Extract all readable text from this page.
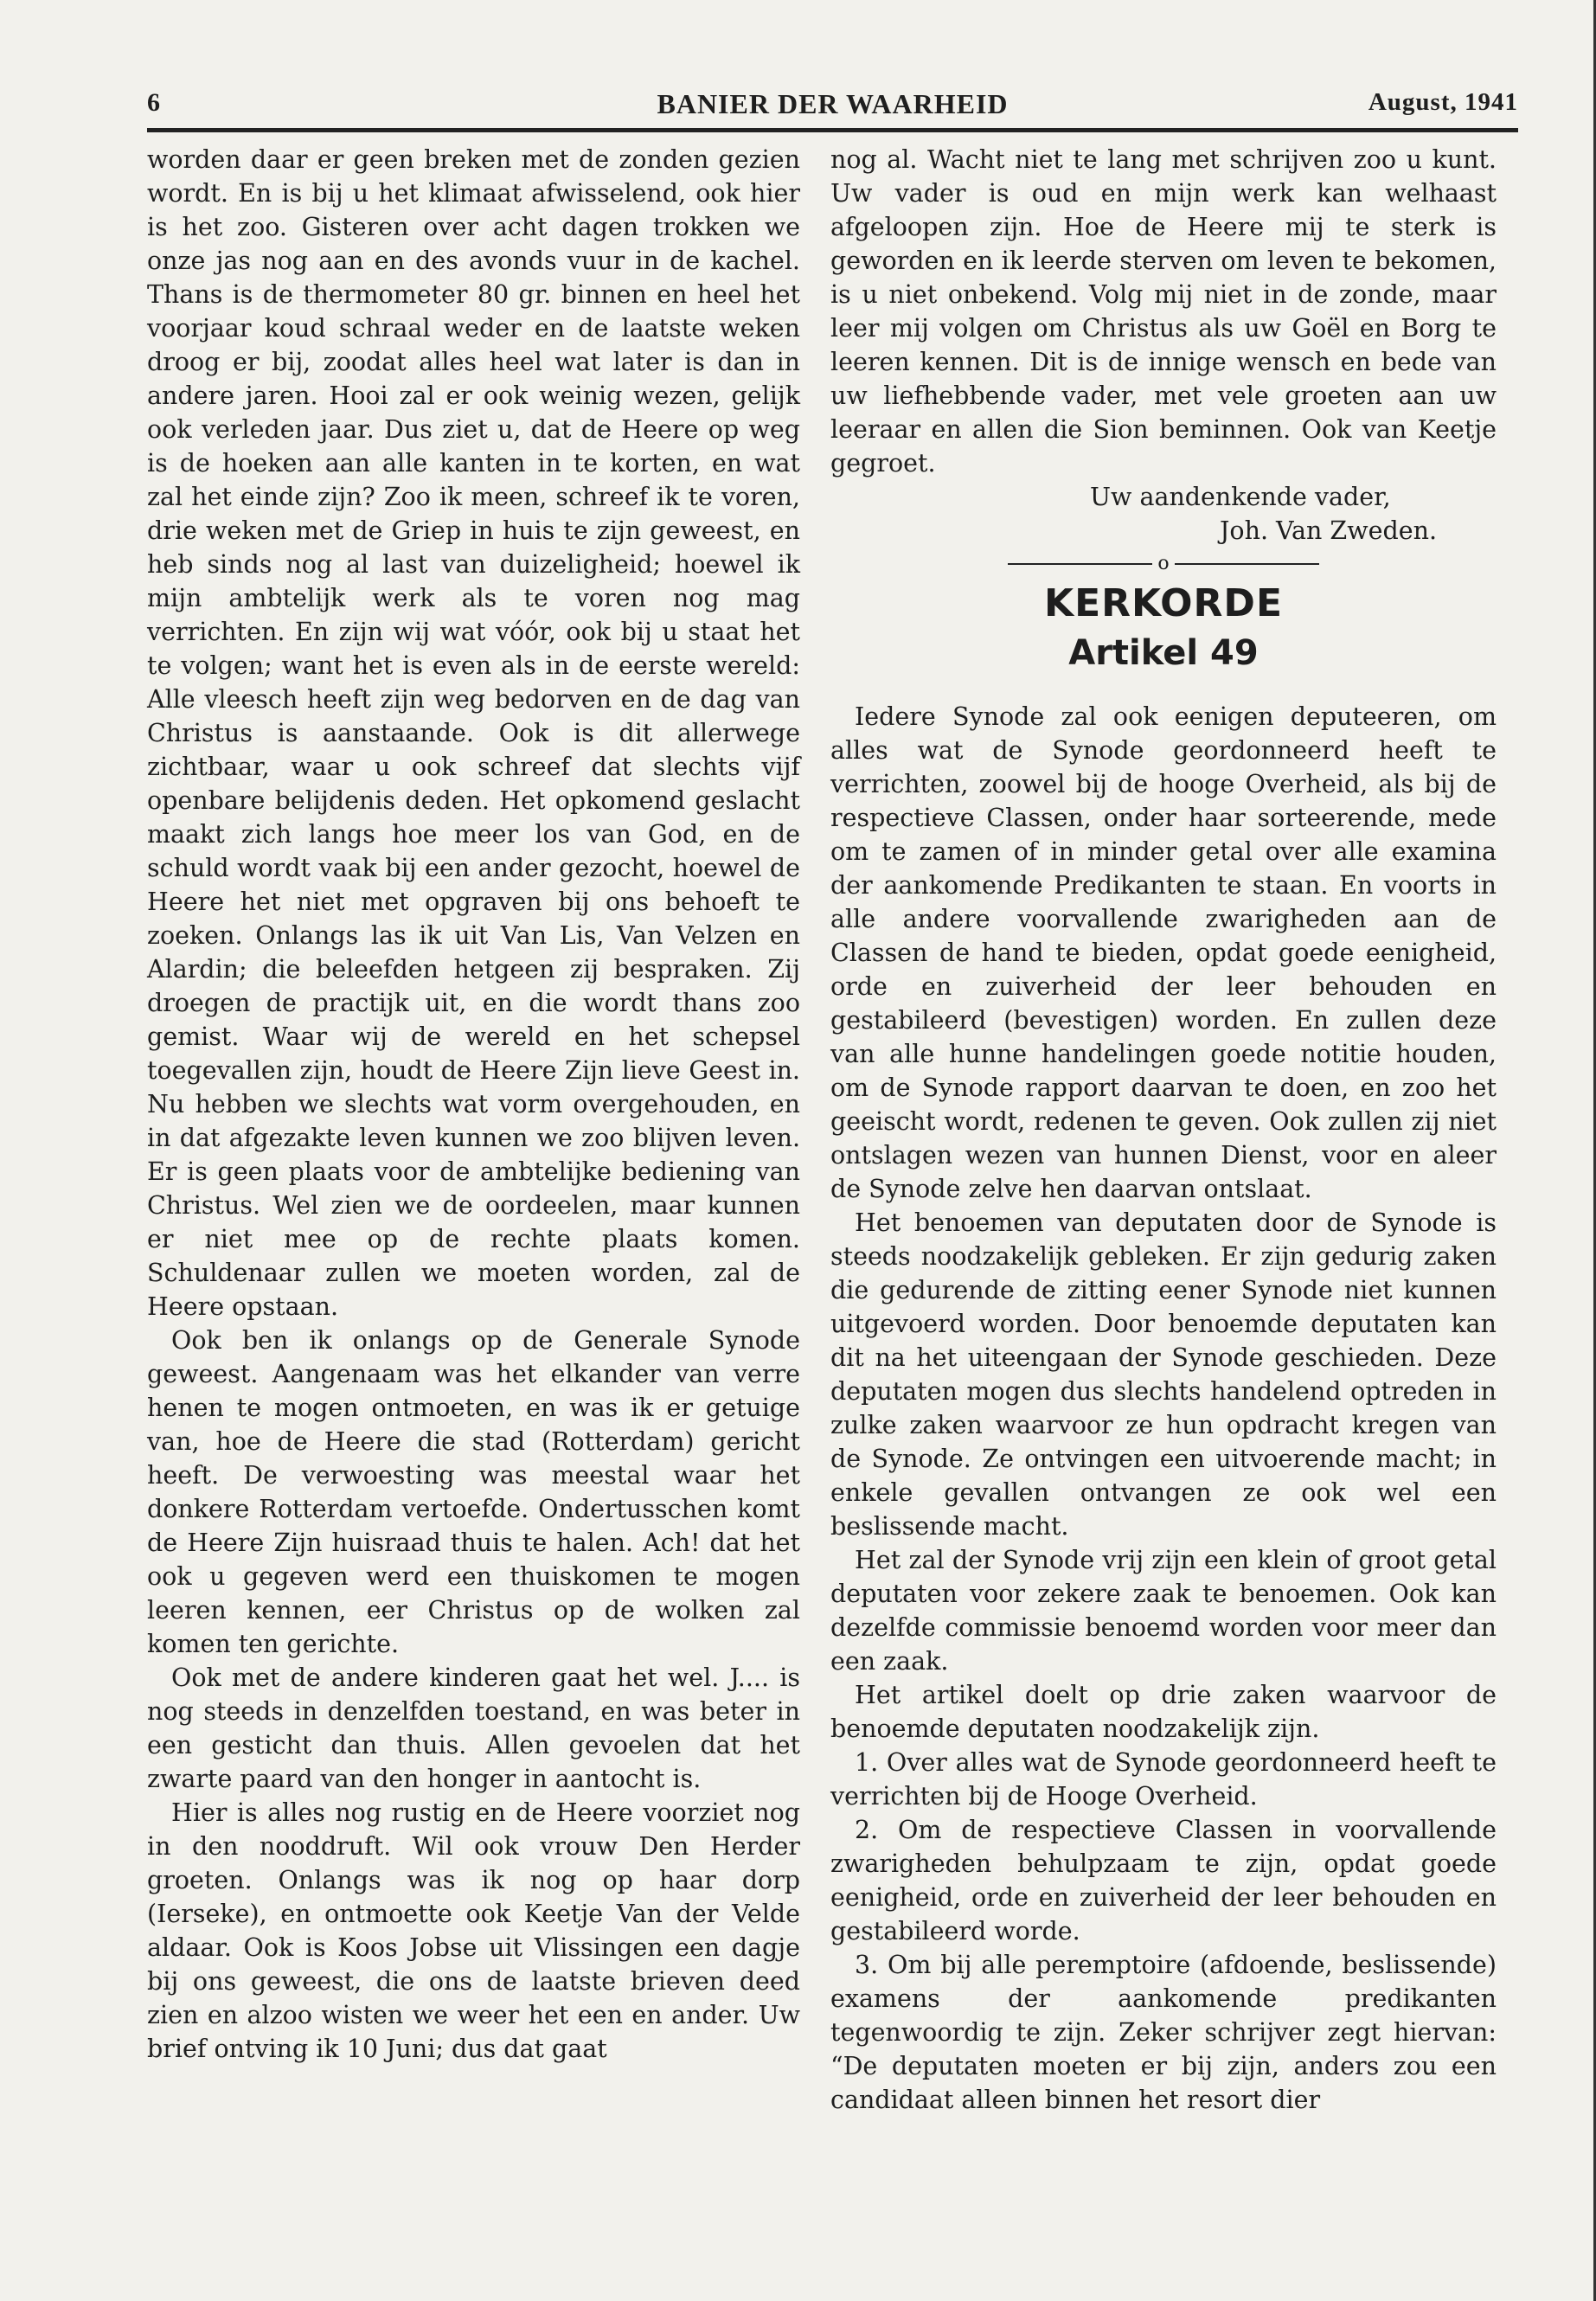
6	BANIER DER WAARHEID	August, 1941

worden daar er geen breken met de zonden gezien wordt. En is bij u het klimaat afwisselend, ook hier is het zoo. Gisteren over acht dagen trokken we onze jas nog aan en des avonds vuur in de kachel. Thans is de thermometer 80 gr. binnen en heel het voorjaar koud schraal weder en de laatste weken droog er bij, zoodat alles heel wat later is dan in andere jaren. Hooi zal er ook weinig wezen, gelijk ook verleden jaar. Dus ziet u, dat de Heere op weg is de hoeken aan alle kanten in te korten, en wat zal het einde zijn? Zoo ik meen, schreef ik te voren, drie weken met de Griep in huis te zijn geweest, en heb sinds nog al last van duizeligheid; hoewel ik mijn ambtelijk werk als te voren nog mag verrichten. En zijn wij wat vóór, ook bij u staat het te volgen; want het is even als in de eerste wereld: Alle vleesch heeft zijn weg bedorven en de dag van Christus is aanstaande. Ook is dit allerwege zichtbaar, waar u ook schreef dat slechts vijf openbare belijdenis deden. Het opkomend geslacht maakt zich langs hoe meer los van God, en de schuld wordt vaak bij een ander gezocht, hoewel de Heere het niet met opgraven bij ons behoeft te zoeken. Onlangs las ik uit Van Lis, Van Velzen en Alardin; die beleefden hetgeen zij bespraken. Zij droegen de practijk uit, en die wordt thans zoo gemist. Waar wij de wereld en het schepsel toegevallen zijn, houdt de Heere Zijn lieve Geest in. Nu hebben we slechts wat vorm overgehouden, en in dat afgezakte leven kunnen we zoo blijven leven. Er is geen plaats voor de ambtelijke bediening van Christus. Wel zien we de oordeelen, maar kunnen er niet mee op de rechte plaats komen. Schuldenaar zullen we moeten worden, zal de Heere opstaan.

Ook ben ik onlangs op de Generale Synode geweest. Aangenaam was het elkander van verre henen te mogen ontmoeten, en was ik er getuige van, hoe de Heere die stad (Rotterdam) gericht heeft. De verwoesting was meestal waar het donkere Rotterdam vertoefde. Ondertusschen komt de Heere Zijn huisraad thuis te halen. Ach! dat het ook u gegeven werd een thuiskomen te mogen leeren kennen, eer Christus op de wolken zal komen ten gerichte.

Ook met de andere kinderen gaat het wel. J.... is nog steeds in denzelfden toestand, en was beter in een gesticht dan thuis. Allen gevoelen dat het zwarte paard van den honger in aantocht is.

Hier is alles nog rustig en de Heere voorziet nog in den nooddruft. Wil ook vrouw Den Herder groeten. Onlangs was ik nog op haar dorp (Ierseke), en ontmoette ook Keetje Van der Velde aldaar. Ook is Koos Jobse uit Vlissingen een dagje bij ons geweest, die ons de laatste brieven deed zien en alzoo wisten we weer het een en ander. Uw brief ontving ik 10 Juni; dus dat gaat

nog al. Wacht niet te lang met schrijven zoo u kunt. Uw vader is oud en mijn werk kan welhaast afgeloopen zijn. Hoe de Heere mij te sterk is geworden en ik leerde sterven om leven te bekomen, is u niet onbekend. Volg mij niet in de zonde, maar leer mij volgen om Christus als uw Goël en Borg te leeren kennen. Dit is de innige wensch en bede van uw liefhebbende vader, met vele groeten aan uw leeraar en allen die Sion beminnen. Ook van Keetje gegroet.

Uw aandenkende vader,

Joh. Van Zweden.

o
KERKORDE
Artikel 49

Iedere Synode zal ook eenigen deputeeren, om alles wat de Synode geordonneerd heeft te verrichten, zoowel bij de hooge Overheid, als bij de respectieve Classen, onder haar sorteerende, mede om te zamen of in minder getal over alle examina der aankomende Predikanten te staan. En voorts in alle andere voorvallende zwarigheden aan de Classen de hand te bieden, opdat goede eenigheid, orde en zuiverheid der leer behouden en gestabileerd (bevestigen) worden. En zullen deze van alle hunne handelingen goede notitie houden, om de Synode rapport daarvan te doen, en zoo het geeischt wordt, redenen te geven. Ook zullen zij niet ontslagen wezen van hunnen Dienst, voor en aleer de Synode zelve hen daarvan ontslaat.

Het benoemen van deputaten door de Synode is steeds noodzakelijk gebleken. Er zijn gedurig zaken die gedurende de zitting eener Synode niet kunnen uitgevoerd worden. Door benoemde deputaten kan dit na het uiteengaan der Synode geschieden. Deze deputaten mogen dus slechts handelend optreden in zulke zaken waarvoor ze hun opdracht kregen van de Synode. Ze ontvingen een uitvoerende macht; in enkele gevallen ontvangen ze ook wel een beslissende macht.

Het zal der Synode vrij zijn een klein of groot getal deputaten voor zekere zaak te benoemen. Ook kan dezelfde commissie benoemd worden voor meer dan een zaak.

Het artikel doelt op drie zaken waarvoor de benoemde deputaten noodzakelijk zijn.

1. Over alles wat de Synode geordonneerd heeft te verrichten bij de Hooge Overheid.

2. Om de respectieve Classen in voorvallende zwarigheden behulpzaam te zijn, opdat goede eenigheid, orde en zuiverheid der leer behouden en gestabileerd worde.

3. Om bij alle peremptoire (afdoende, beslissende) examens der aankomende predikanten tegenwoordig te zijn. Zeker schrijver zegt hiervan: “De deputaten moeten er bij zijn, anders zou een candidaat alleen binnen het resort dier
